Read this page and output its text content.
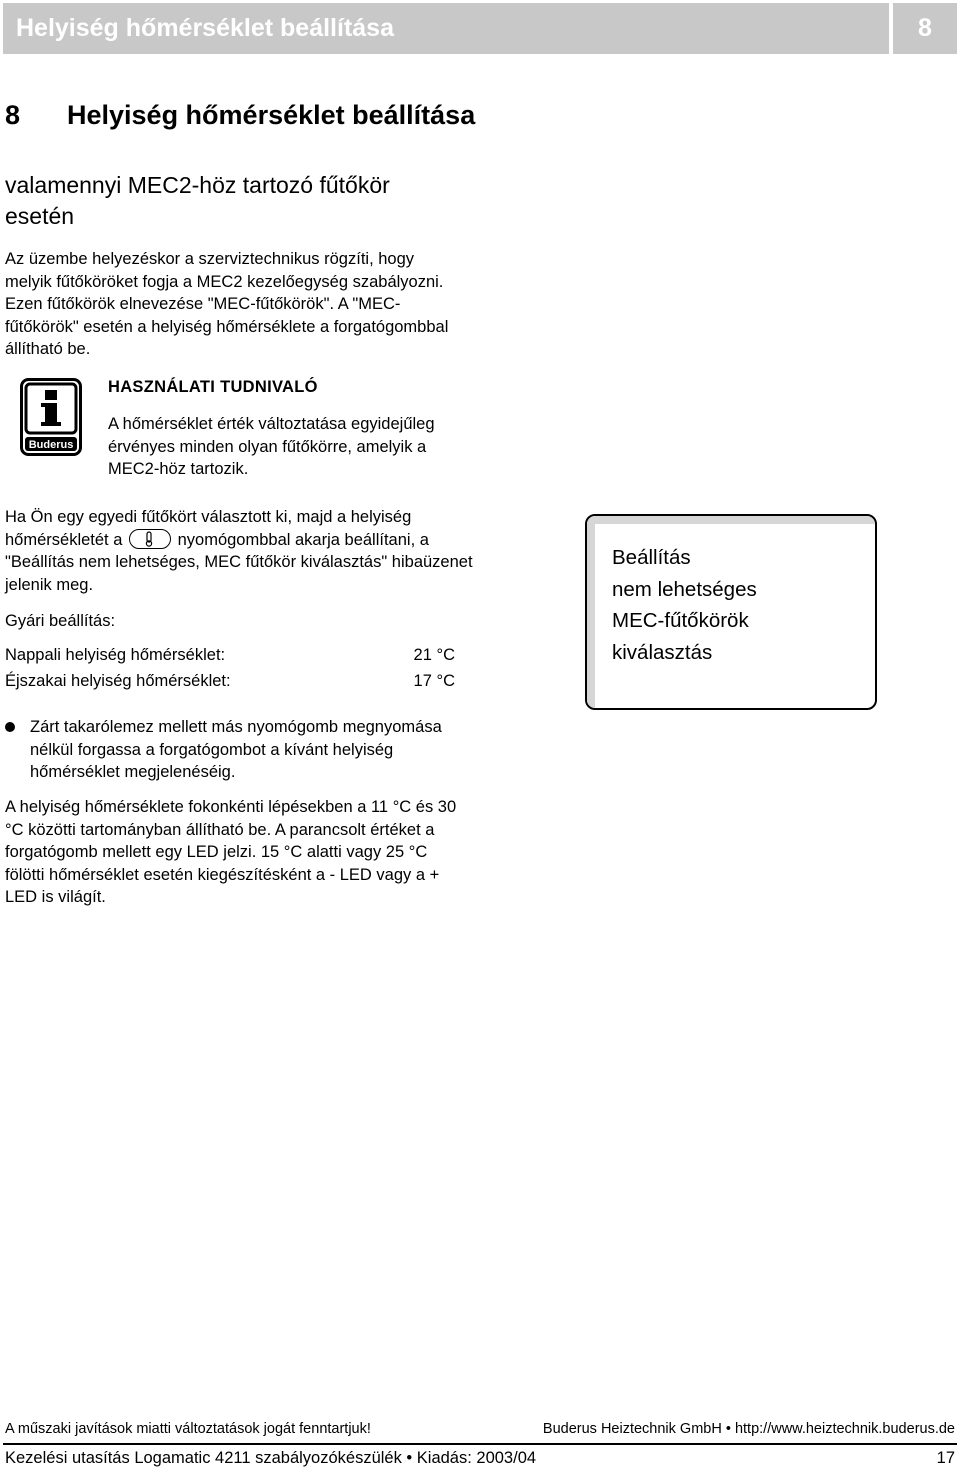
Helyiség hőmérséklet beállítása	8
8 Helyiség hőmérséklet beállítása
valamennyi MEC2-höz tartozó fűtőkör esetén
Az üzembe helyezéskor a szerviztechnikus rögzíti, hogy melyik fűtőköröket fogja a MEC2 kezelőegység szabályozni. Ezen fűtőkörök elnevezése "MEC-fűtőkörök". A "MEC-fűtőkörök" esetén a helyiség hőmérséklete a forgatógombbal állítható be.
Buderus
HASZNÁLATI TUDNIVALÓ
A hőmérséklet érték változtatása egyidejűleg érvényes minden olyan fűtőkörre, amelyik a MEC2-höz tartozik.
Ha Ön egy egyedi fűtőkört választott ki, majd a helyiség hőmérsékletét a	nyomógombbal akarja beállítani, a "Beállítás nem lehetséges, MEC fűtőkör kiválasztás" hibaüzenet jelenik meg.
Gyári beállítás:
Nappali helyiség hőmérséklet:	21 °C
Éjszakai helyiség hőmérséklet:	17 °C
Beállítás
nem lehetséges
MEC-fűtőkörök
kiválasztás
Zárt takarólemez mellett más nyomógomb megnyomása nélkül forgassa a forgatógombot a kívánt helyiség hőmérséklet megjelenéséig.
A helyiség hőmérséklete fokonkénti lépésekben a 11 °C és 30 °C közötti tartományban állítható be. A parancsolt értéket a forgatógomb mellett egy LED jelzi. 15 °C alatti vagy 25 °C fölötti hőmérséklet esetén kiegészítésként a - LED vagy a + LED is világít.
A műszaki javítások miatti változtatások jogát fenntartjuk!	Buderus Heiztechnik GmbH • http://www.heiztechnik.buderus.de
Kezelési utasítás Logamatic 4211 szabályozókészülék • Kiadás: 2003/04	17
